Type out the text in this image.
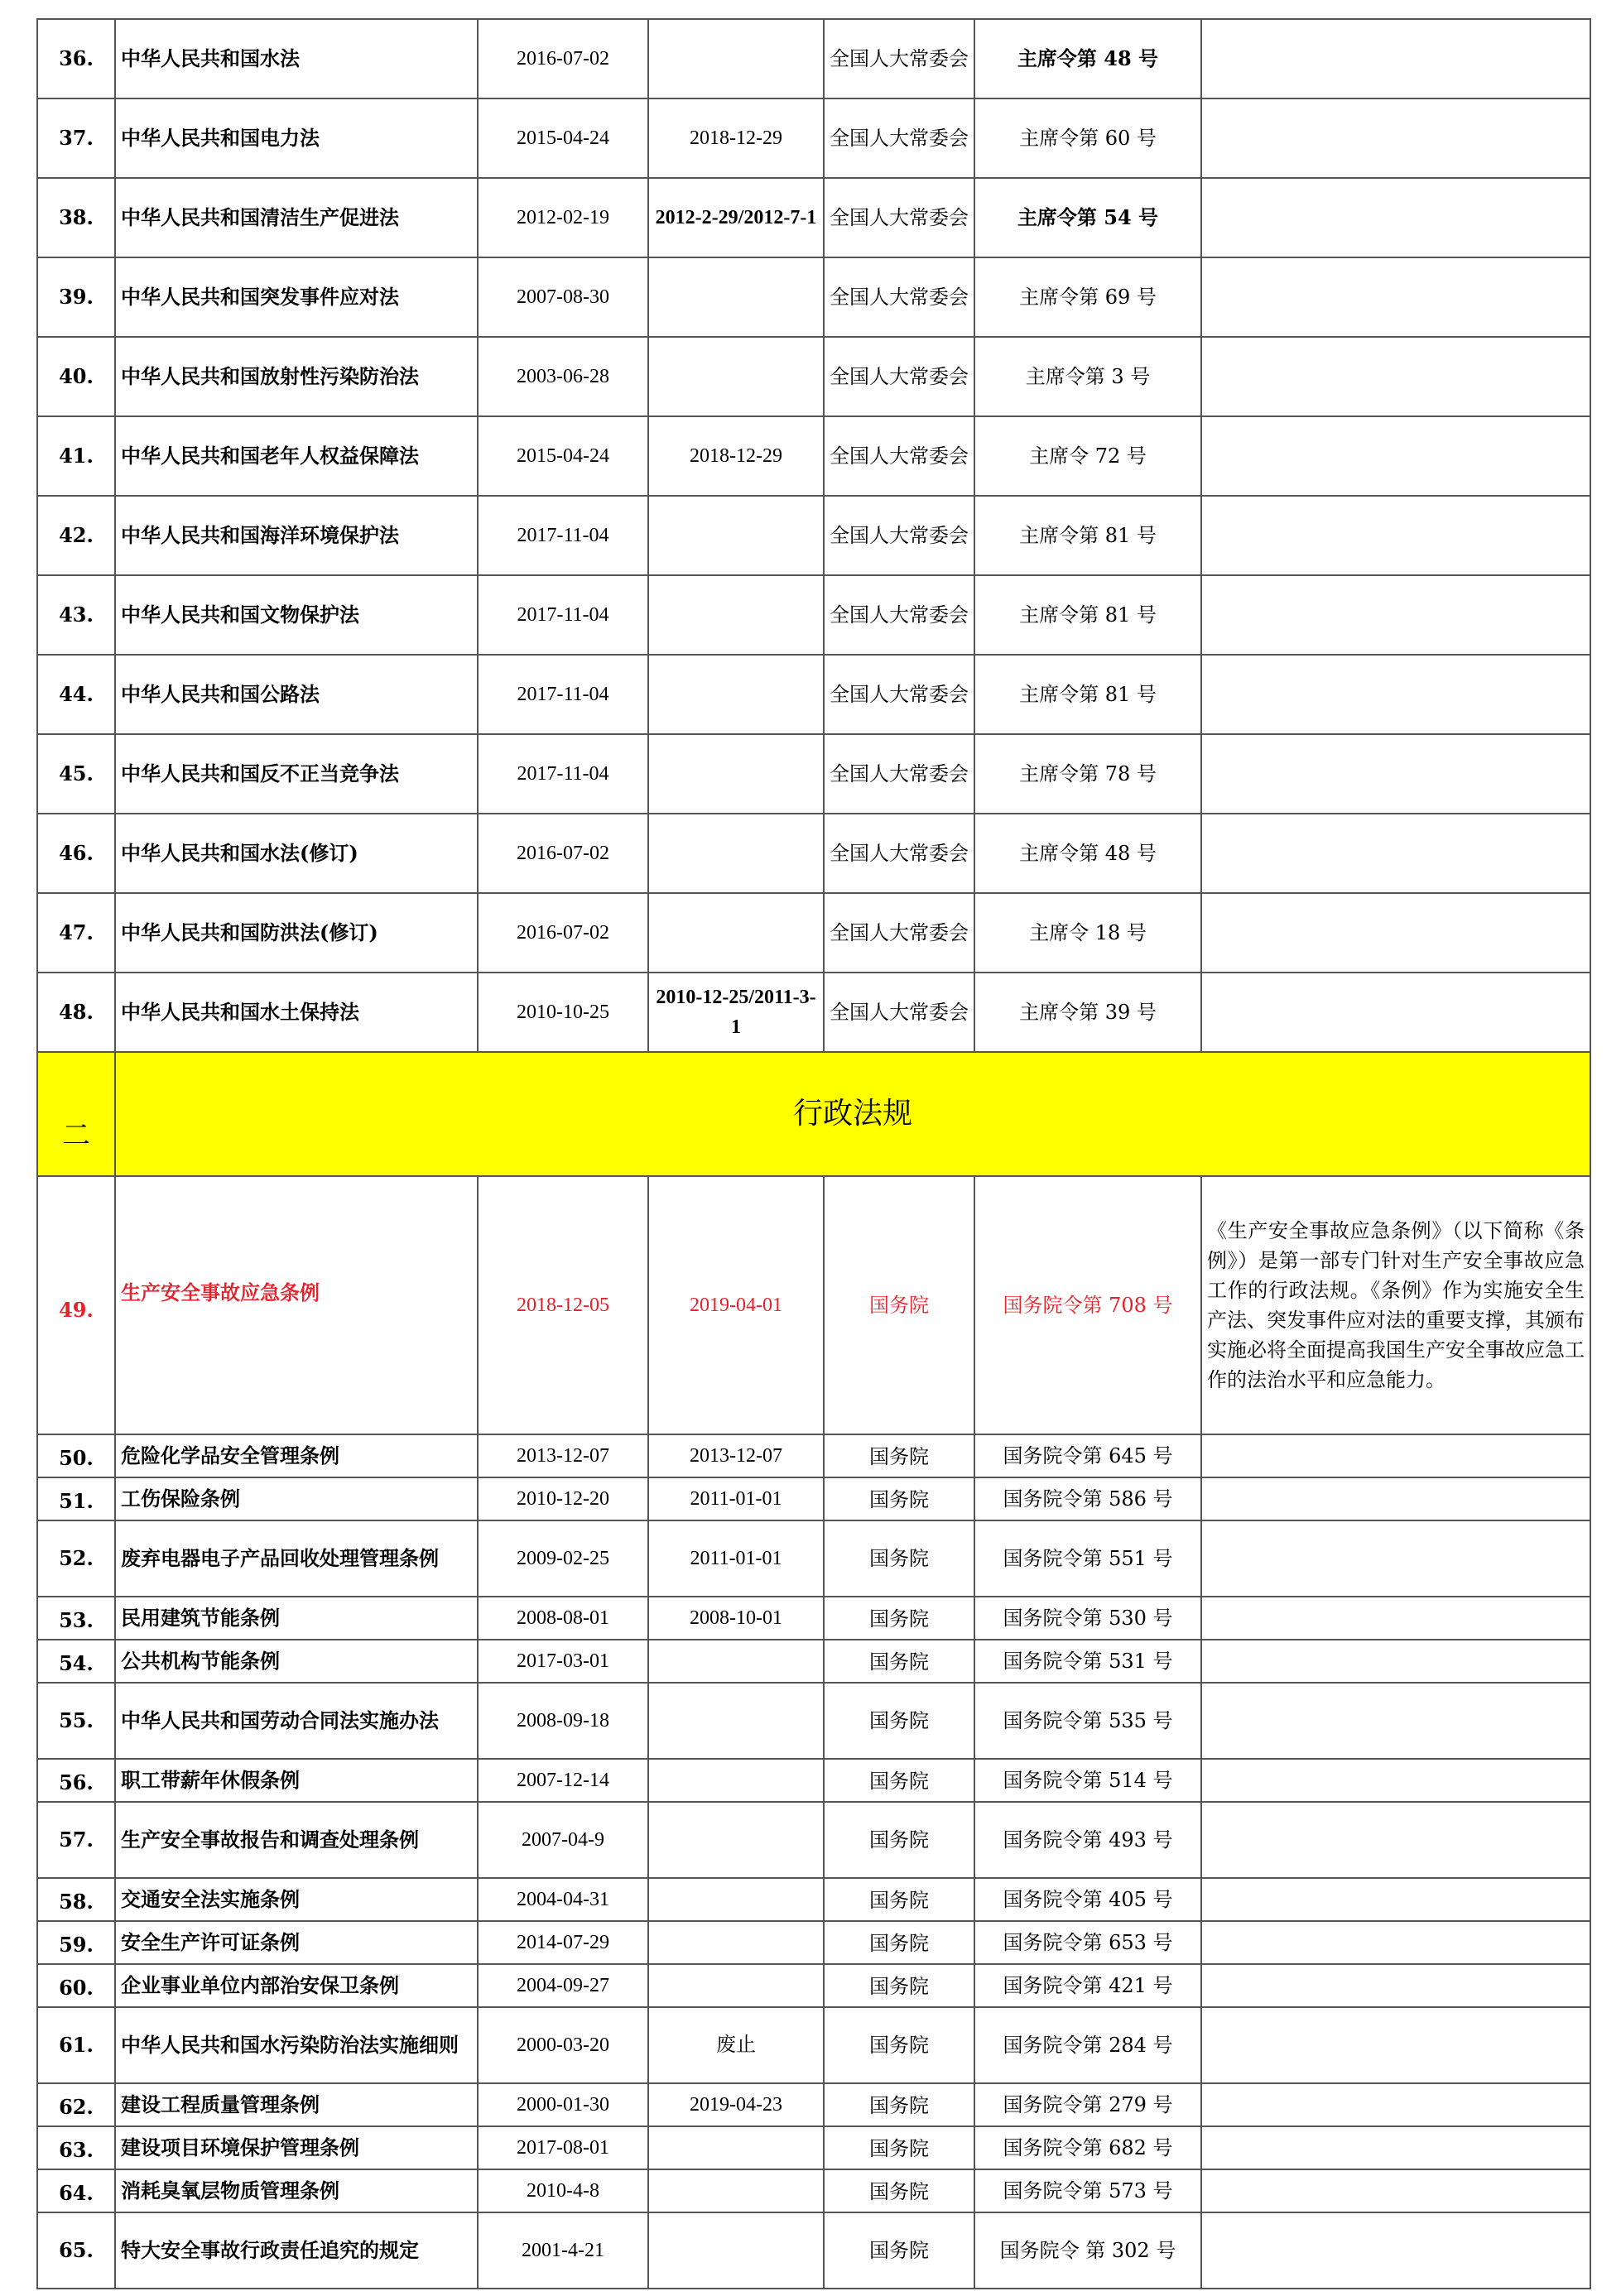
36.	中华人民共和国水法	2016-07-02		全国人大常委会	主席令第 48 号	
37.	中华人民共和国电力法	2015-04-24	2018-12-29	全国人大常委会	主席令第 60 号	
38.	中华人民共和国清洁生产促进法	2012-02-19	2012-2-29/2012-7-1	全国人大常委会	主席令第 54 号	
39.	中华人民共和国突发事件应对法	2007-08-30		全国人大常委会	主席令第 69 号	
40.	中华人民共和国放射性污染防治法	2003-06-28		全国人大常委会	主席令第 3 号	
41.	中华人民共和国老年人权益保障法	2015-04-24	2018-12-29	全国人大常委会	主席令 72 号	
42.	中华人民共和国海洋环境保护法	2017-11-04		全国人大常委会	主席令第 81 号	
43.	中华人民共和国文物保护法	2017-11-04		全国人大常委会	主席令第 81 号	
44.	中华人民共和国公路法	2017-11-04		全国人大常委会	主席令第 81 号	
45.	中华人民共和国反不正当竞争法	2017-11-04		全国人大常委会	主席令第 78 号	
46.	中华人民共和国水法(修订)	2016-07-02		全国人大常委会	主席令第 48 号	
47.	中华人民共和国防洪法(修订)	2016-07-02		全国人大常委会	主席令 18 号	
48.	中华人民共和国水土保持法	2010-10-25	2010-12-25/2011-3-1	全国人大常委会	主席令第 39 号	
二	行政法规					
49.	生产安全事故应急条例	2018-12-05	2019-04-01	国务院	国务院令第 708 号	《生产安全事故应急条例》（以下简称《条例》）是第一部专门针对生产安全事故应急工作的行政法规。《条例》作为实施安全生产法、突发事件应对法的重要支撑，其颁布实施必将全面提高我国生产安全事故应急工作的法治水平和应急能力。
50.	危险化学品安全管理条例	2013-12-07	2013-12-07	国务院	国务院令第 645 号	
51.	工伤保险条例	2010-12-20	2011-01-01	国务院	国务院令第 586 号	
52.	废弃电器电子产品回收处理管理条例	2009-02-25	2011-01-01	国务院	国务院令第 551 号	
53.	民用建筑节能条例	2008-08-01	2008-10-01	国务院	国务院令第 530 号	
54.	公共机构节能条例	2017-03-01		国务院	国务院令第 531 号	
55.	中华人民共和国劳动合同法实施办法	2008-09-18		国务院	国务院令第 535 号	
56.	职工带薪年休假条例	2007-12-14		国务院	国务院令第 514 号	
57.	生产安全事故报告和调查处理条例	2007-04-9		国务院	国务院令第 493 号	
58.	交通安全法实施条例	2004-04-31		国务院	国务院令第 405 号	
59.	安全生产许可证条例	2014-07-29		国务院	国务院令第 653 号	
60.	企业事业单位内部治安保卫条例	2004-09-27		国务院	国务院令第 421 号	
61.	中华人民共和国水污染防治法实施细则	2000-03-20	废止	国务院	国务院令第 284 号	
62.	建设工程质量管理条例	2000-01-30	2019-04-23	国务院	国务院令第 279 号	
63.	建设项目环境保护管理条例	2017-08-01		国务院	国务院令第 682 号	
64.	消耗臭氧层物质管理条例	2010-4-8		国务院	国务院令第 573 号	
65.	特大安全事故行政责任追究的规定	2001-4-21		国务院	国务院令 第 302 号	
